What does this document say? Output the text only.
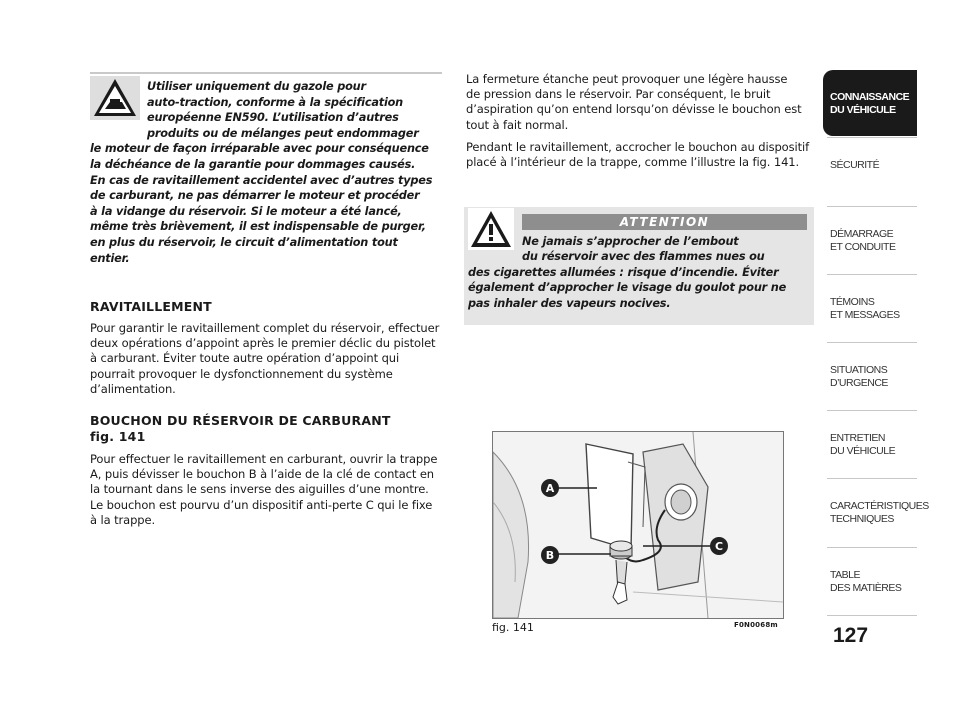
Utiliser uniquement du gazole pour
auto-traction, conforme à la spécification
européenne EN590. L’utilisation d’autres
produits ou de mélanges peut endommager
le moteur de façon irréparable avec pour conséquence
la déchéance de la garantie pour dommages causés.
En cas de ravitaillement accidentel avec d’autres types
de carburant, ne pas démarrer le moteur et procéder
à la vidange du réservoir. Si le moteur a été lancé,
même très brièvement, il est indispensable de purger,
en plus du réservoir, le circuit d’alimentation tout
entier.

RAVITAILLEMENT

Pour garantir le ravitaillement complet du réservoir, effectuer
deux opérations d’appoint après le premier déclic du pistolet
à carburant. Éviter toute autre opération d’appoint qui
pourrait provoquer le dysfonctionnement du système
d’alimentation.

BOUCHON DU RÉSERVOIR DE CARBURANT

fig. 141

Pour effectuer le ravitaillement en carburant, ouvrir la trappe
A, puis dévisser le bouchon B à l’aide de la clé de contact en
la tournant dans le sens inverse des aiguilles d’une montre.
Le bouchon est pourvu d’un dispositif anti-perte C qui le fixe
à la trappe.

La fermeture étanche peut provoquer une légère hausse
de pression dans le réservoir. Par conséquent, le bruit
d’aspiration qu’on entend lorsqu’on dévisse le bouchon est
tout à fait normal.

Pendant le ravitaillement, accrocher le bouchon au dispositif
placé à l’intérieur de la trappe, comme l’illustre la fig. 141.

ATTENTION
Ne jamais s’approcher de l’embout
du réservoir avec des flammes nues ou
des cigarettes allumées : risque d’incendie. Éviter
également d’approcher le visage du goulot pour ne
pas inhaler des vapeurs nocives.
A
B
C
fig. 141	F0N0068m
CONNAISSANCE
DU VÉHICULE
SÉCURITÉ
DÉMARRAGE
ET CONDUITE
TÉMOINS
ET MESSAGES
SITUATIONS
D’URGENCE
ENTRETIEN
DU VÉHICULE
CARACTÉRISTIQUES
TECHNIQUES
TABLE
DES MATIÈRES
127
